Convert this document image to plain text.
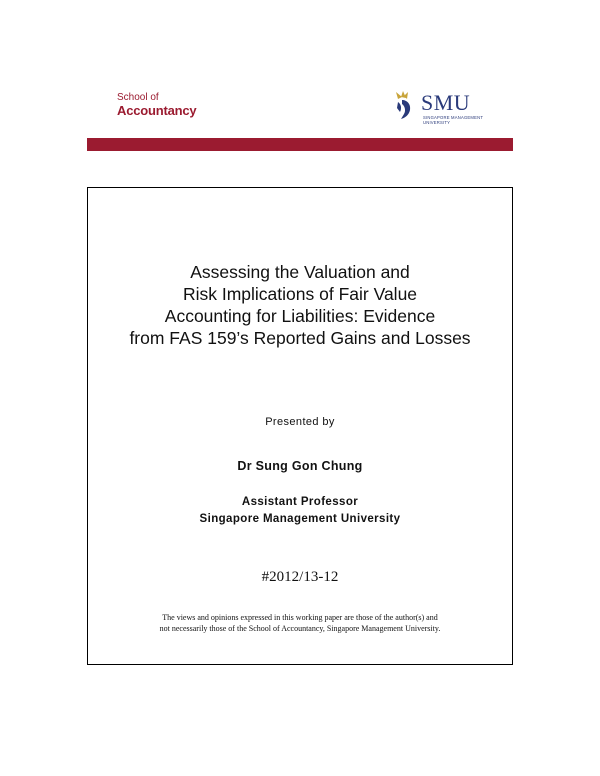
School of
Accountancy	SMU
SINGAPORE MANAGEMENT
UNIVERSITY
Assessing the Valuation and
Risk Implications of Fair Value
Accounting for Liabilities: Evidence
from FAS 159’s Reported Gains and Losses
Presented by
Dr Sung Gon Chung
Assistant Professor
Singapore Management University
#2012/13-12
The views and opinions expressed in this working paper are those of the author(s) and
not necessarily those of the School of Accountancy, Singapore Management University.
